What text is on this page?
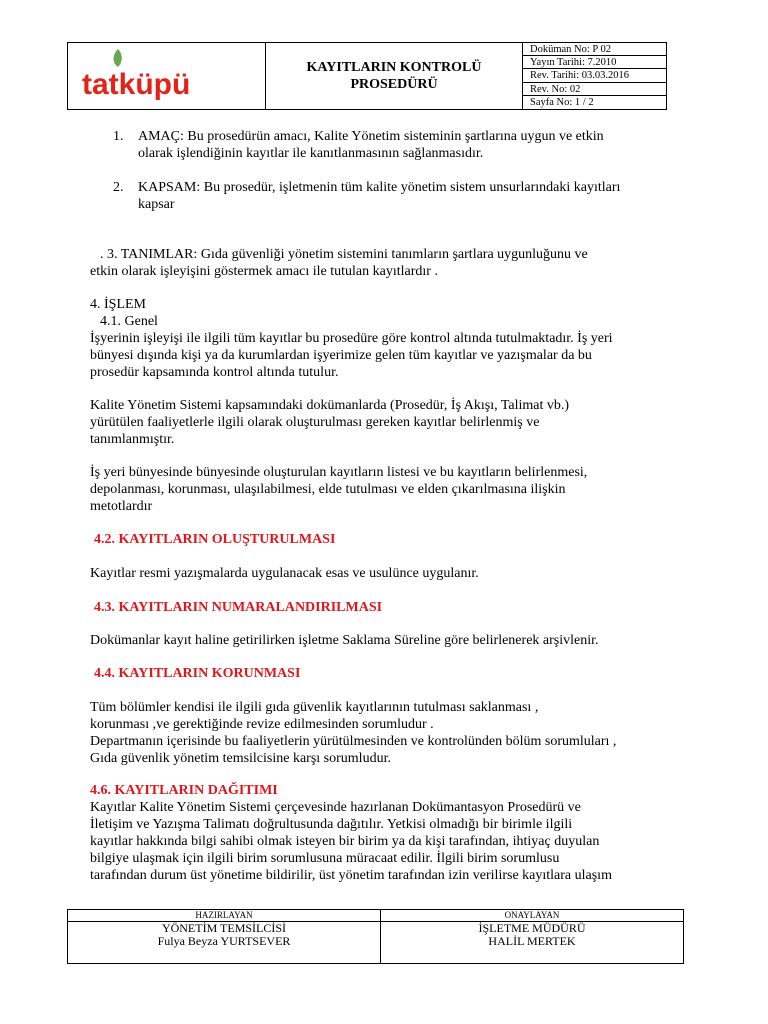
tatküpü
KAYITLARIN KONTROLÜ
PROSEDÜRÜ
Doküman No: P 02
Yayın Tarihi: 7.2010
Rev. Tarihi: 03.03.2016
Rev. No: 02
Sayfa No: 1 / 2
1. AMAÇ: Bu prosedürün amacı, Kalite Yönetim sisteminin şartlarına uygun ve etkin
olarak işlendiğinin kayıtlar ile kanıtlanmasının sağlanmasıdır.
2. KAPSAM: Bu prosedür, işletmenin tüm kalite yönetim sistem unsurlarındaki kayıtları
kapsar
. 3. TANIMLAR: Gıda güvenliği yönetim sistemini tanımların şartlara uygunluğunu ve
etkin olarak işleyişini göstermek amacı ile tutulan kayıtlardır .
4. İŞLEM
4.1. Genel
İşyerinin işleyişi ile ilgili tüm kayıtlar bu prosedüre göre kontrol altında tutulmaktadır. İş yeri
bünyesi dışında kişi ya da kurumlardan işyerimize gelen tüm kayıtlar ve yazışmalar da bu
prosedür kapsamında kontrol altında tutulur.
Kalite Yönetim Sistemi kapsamındaki dokümanlarda (Prosedür, İş Akışı, Talimat vb.)
yürütülen faaliyetlerle ilgili olarak oluşturulması gereken kayıtlar belirlenmiş ve
tanımlanmıştır.
İş yeri bünyesinde bünyesinde oluşturulan kayıtların listesi ve bu kayıtların belirlenmesi,
depolanması, korunması, ulaşılabilmesi, elde tutulması ve elden çıkarılmasına ilişkin
metotlardır
4.2. KAYITLARIN OLUŞTURULMASI
Kayıtlar resmi yazışmalarda uygulanacak esas ve usulünce uygulanır.
4.3. KAYITLARIN NUMARALANDIRILMASI
Dokümanlar kayıt haline getirilirken işletme Saklama Süreline göre belirlenerek arşivlenir.
4.4. KAYITLARIN KORUNMASI
Tüm bölümler kendisi ile ilgili gıda güvenlik kayıtlarının tutulması saklanması ,
korunması ,ve gerektiğinde revize edilmesinden sorumludur .
Departmanın içerisinde bu faaliyetlerin yürütülmesinden ve kontrolünden bölüm sorumluları ,
Gıda güvenlik yönetim temsilcisine karşı sorumludur.
4.6. KAYITLARIN DAĞITIMI
Kayıtlar Kalite Yönetim Sistemi çerçevesinde hazırlanan Dokümantasyon Prosedürü ve
İletişim ve Yazışma Talimatı doğrultusunda dağıtılır. Yetkisi olmadığı bir birimle ilgili
kayıtlar hakkında bilgi sahibi olmak isteyen bir birim ya da kişi tarafından, ihtiyaç duyulan
bilgiye ulaşmak için ilgili birim sorumlusuna müracaat edilir. İlgili birim sorumlusu
tarafından durum üst yönetime bildirilir, üst yönetim tarafından izin verilirse kayıtlara ulaşım
HAZIRLAYAN
YÖNETİM TEMSİLCİSİ
Fulya Beyza YURTSEVER
ONAYLAYAN
İŞLETME MÜDÜRÜ
HALİL MERTEK
